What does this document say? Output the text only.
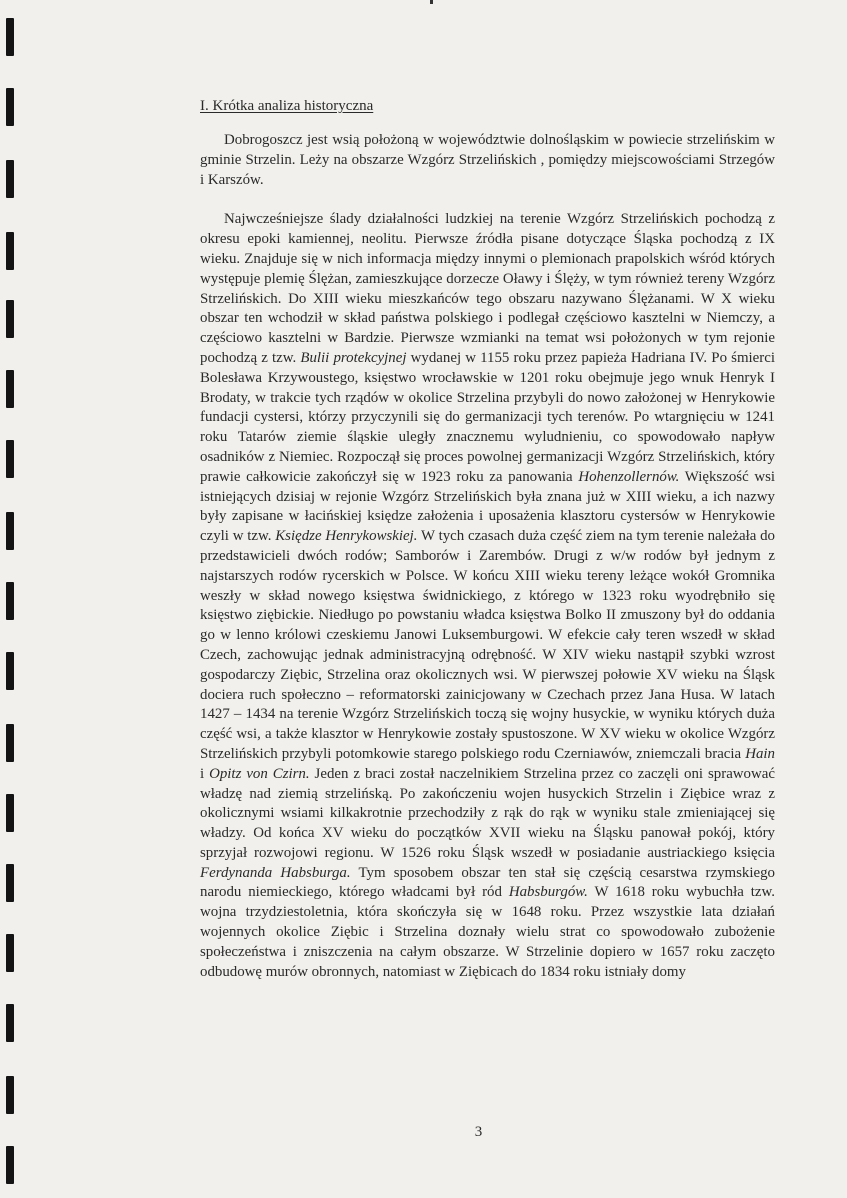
I. Krótka analiza historyczna

Dobrogoszcz jest wsią położoną w województwie dolnośląskim w powiecie strzelińskim w gminie Strzelin. Leży na obszarze Wzgórz Strzelińskich , pomiędzy miejscowościami Strzegów i Karszów.

Najwcześniejsze ślady działalności ludzkiej na terenie Wzgórz Strzelińskich pochodzą z okresu epoki kamiennej, neolitu. Pierwsze źródła pisane dotyczące Śląska pochodzą z IX wieku. Znajduje się w nich informacja między innymi o plemionach prapolskich wśród których występuje plemię Ślężan, zamieszkujące dorzecze Oławy i Ślęży, w tym również tereny Wzgórz Strzelińskich. Do XIII wieku mieszkańców tego obszaru nazywano Ślężanami. W X wieku obszar ten wchodził w skład państwa polskiego i podlegał częściowo kasztelni w Niemczy, a częściowo kasztelni w Bardzie. Pierwsze wzmianki na temat wsi położonych w tym rejonie pochodzą z tzw. Bulii protekcyjnej wydanej w 1155 roku przez papieża Hadriana IV. Po śmierci Bolesława Krzywoustego, księstwo wrocławskie w 1201 roku obejmuje jego wnuk Henryk I Brodaty, w trakcie tych rządów w okolice Strzelina przybyli do nowo założonej w Henrykowie fundacji cystersi, którzy przyczynili się do germanizacji tych terenów. Po wtargnięciu w 1241 roku Tatarów ziemie śląskie uległy znacznemu wyludnieniu, co spowodowało napływ osadników z Niemiec. Rozpoczął się proces powolnej germanizacji Wzgórz Strzelińskich, który prawie całkowicie zakończył się w 1923 roku za panowania Hohenzollernów. Większość wsi istniejących dzisiaj w rejonie Wzgórz Strzelińskich była znana już w XIII wieku, a ich nazwy były zapisane w łacińskiej księdze założenia i uposażenia klasztoru cystersów w Henrykowie czyli w tzw. Księdze Henrykowskiej. W tych czasach duża część ziem na tym terenie należała do przedstawicieli dwóch rodów; Samborów i Zarembów. Drugi z w/w rodów był jednym z najstarszych rodów rycerskich w Polsce. W końcu XIII wieku tereny leżące wokół Gromnika weszły w skład nowego księstwa świdnickiego, z którego w 1323 roku wyodrębniło się księstwo ziębickie. Niedługo po powstaniu władca księstwa Bolko II zmuszony był do oddania go w lenno królowi czeskiemu Janowi Luksemburgowi. W efekcie cały teren wszedł w skład Czech, zachowując jednak administracyjną odrębność. W XIV wieku nastąpił szybki wzrost gospodarczy Ziębic, Strzelina oraz okolicznych wsi. W pierwszej połowie XV wieku na Śląsk dociera ruch społeczno – reformatorski zainicjowany w Czechach przez Jana Husa. W latach 1427 – 1434 na terenie Wzgórz Strzelińskich toczą się wojny husyckie, w wyniku których duża część wsi, a także klasztor w Henrykowie zostały spustoszone. W XV wieku w okolice Wzgórz Strzelińskich przybyli potomkowie starego polskiego rodu Czerniawów, zniemczali bracia Hain i Opitz von Czirn. Jeden z braci został naczelnikiem Strzelina przez co zaczęli oni sprawować władzę nad ziemią strzelińską. Po zakończeniu wojen husyckich Strzelin i Ziębice wraz z okolicznymi wsiami kilkakrotnie przechodziły z rąk do rąk w wyniku stale zmieniającej się władzy. Od końca XV wieku do początków XVII wieku na Śląsku panował pokój, który sprzyjał rozwojowi regionu. W 1526 roku Śląsk wszedł w posiadanie austriackiego księcia Ferdynanda Habsburga. Tym sposobem obszar ten stał się częścią cesarstwa rzymskiego narodu niemieckiego, którego władcami był ród Habsburgów. W 1618 roku wybuchła tzw. wojna trzydziestoletnia, która skończyła się w 1648 roku. Przez wszystkie lata działań wojennych okolice Ziębic i Strzelina doznały wielu strat co spowodowało zubożenie społeczeństwa i zniszczenia na całym obszarze. W Strzelinie dopiero w 1657 roku zaczęto odbudowę murów obronnych, natomiast w Ziębicach do 1834 roku istniały domy

3
